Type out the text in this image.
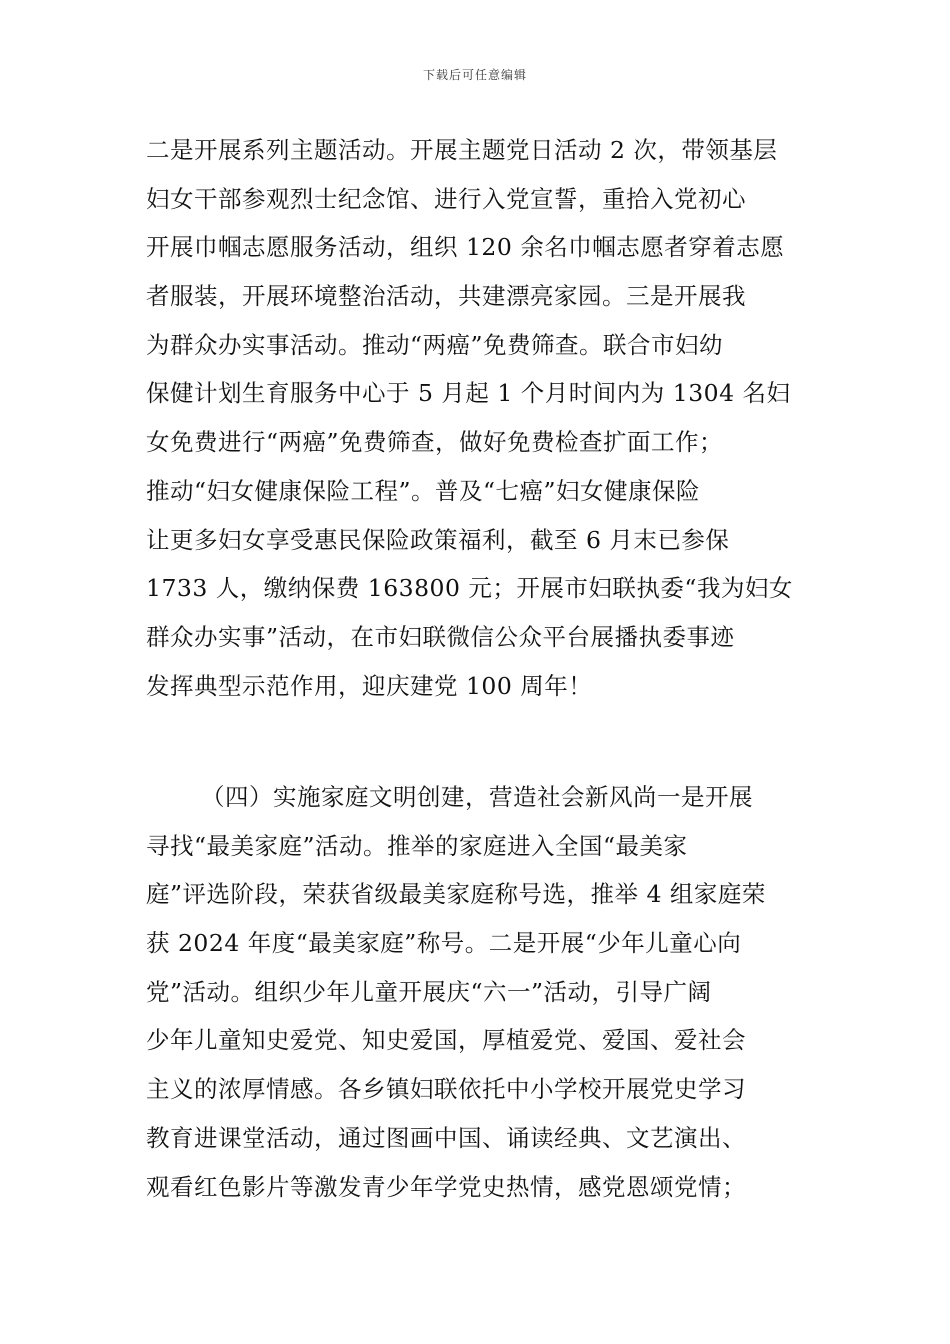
下载后可任意编辑
二是开展系列主题活动。开展主题党日活动 2 次，带领基层
妇女干部参观烈士纪念馆、进行入党宣誓，重拾入党初心
开展巾帼志愿服务活动，组织 120 余名巾帼志愿者穿着志愿
者服装，开展环境整治活动，共建漂亮家园。三是开展我
为群众办实事活动。推动“两癌”免费筛查。联合市妇幼
保健计划生育服务中心于 5 月起 1 个月时间内为 1304 名妇
女免费进行“两癌”免费筛查，做好免费检查扩面工作；
推动“妇女健康保险工程”。普及“七癌”妇女健康保险
让更多妇女享受惠民保险政策福利，截至 6 月末已参保
1733 人，缴纳保费 163800 元；开展市妇联执委“我为妇女
群众办实事”活动，在市妇联微信公众平台展播执委事迹
发挥典型示范作用，迎庆建党 100 周年！
（四）实施家庭文明创建，营造社会新风尚一是开展
寻找“最美家庭”活动。推举的家庭进入全国“最美家
庭”评选阶段，荣获省级最美家庭称号选，推举 4 组家庭荣
获 2024 年度“最美家庭”称号。二是开展“少年儿童心向
党”活动。组织少年儿童开展庆“六一”活动，引导广阔
少年儿童知史爱党、知史爱国，厚植爱党、爱国、爱社会
主义的浓厚情感。各乡镇妇联依托中小学校开展党史学习
教育进课堂活动，通过图画中国、诵读经典、文艺演出、
观看红色影片等激发青少年学党史热情，感党恩颂党情；
